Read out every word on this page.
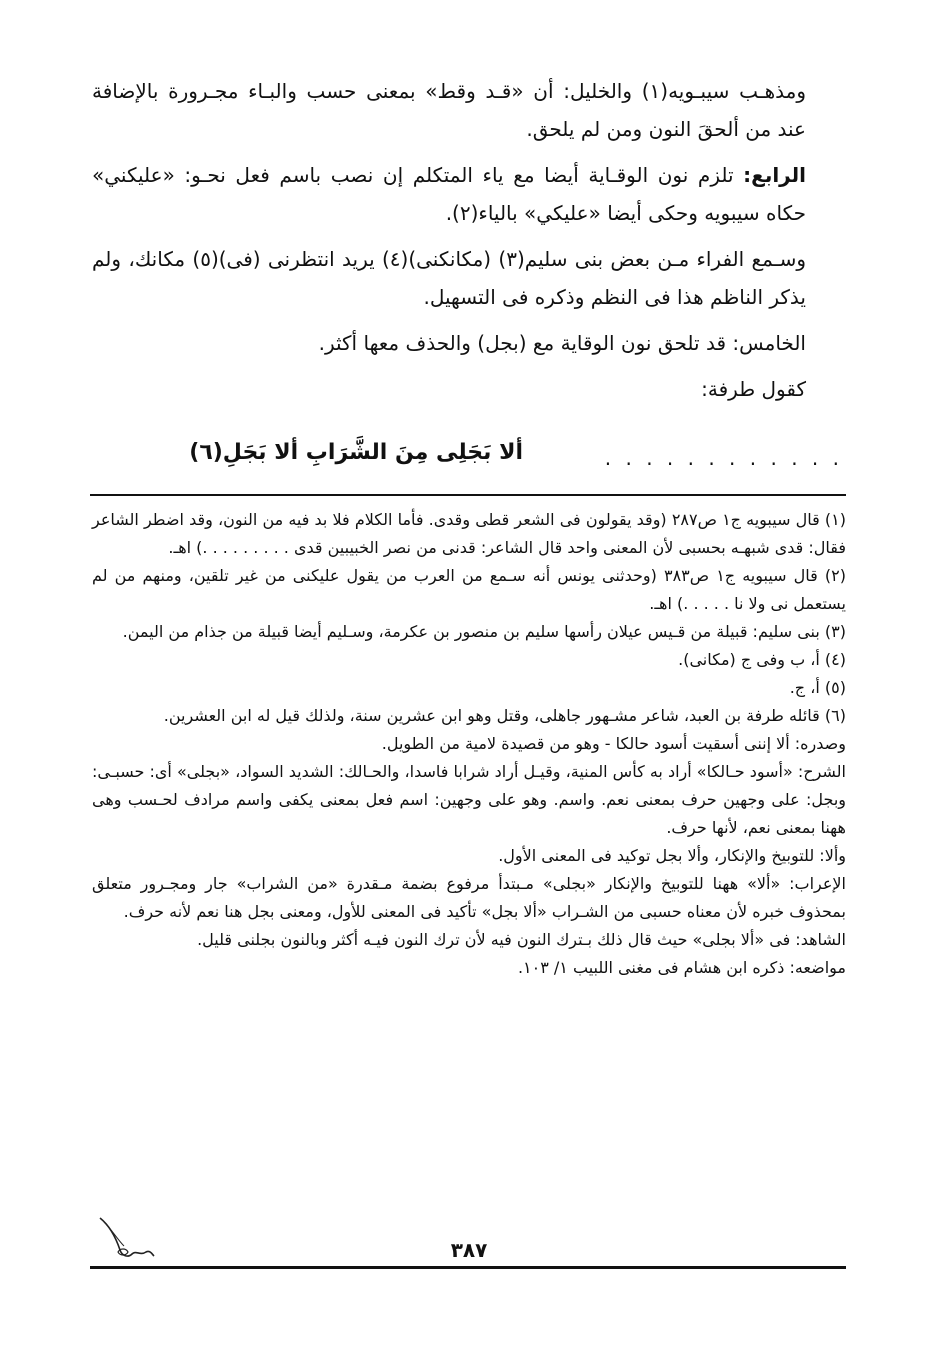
ومذهـب سيبـويه(١) والخليل: أن «قـد وقط» بمعنى حسب والبـاء مجـرورة بالإضافة عند من ألحقَ النون ومن لم يلحق.

الرابع: تلزم نون الوقـاية أيضا مع ياء المتكلم إن نصب باسم فعل نحـو: «عليكني» حكاه سيبويه وحكى أيضا «عليكي» بالياء(٢).

وسـمع الفراء مـن بعض بنى سليم(٣) (مكانكنى)(٤) يريد انتظرنى (فى)(٥) مكانك، ولم يذكر الناظم هذا فى النظم وذكره فى التسهيل.

الخامس: قد تلحق نون الوقاية مع (بجل) والحذف معها أكثر.

كقول طرفة:

. . . . . . . . . . . .
ألا بَجَلِى مِنَ الشَّرَابِ ألا بَجَلِ(٦)

(١) قال سيبويه ج١ ص٢٨٧ (وقد يقولون فى الشعر قطى وقدى. فأما الكلام فلا بد فيه من النون، وقد اضطر الشاعر فقال: قدى شبهـه بحسبى لأن المعنى واحد قال الشاعر: قدنى من نصر الخبيبين قدى . . . . . . . . .) اهـ.

(٢) قال سيبويه ج١ ص٣٨٣ (وحدثنى يونس أنه سـمع من العرب من يقول عليكنى من غير تلقين، ومنهم من لم يستعمل نى ولا نا . . . . .) اهـ.

(٣) بنى سليم: قبيلة من قـيس عيلان رأسها سليم بن منصور بن عكرمة، وسـليم أيضا قبيلة من جذام من اليمن.

(٤) أ، ب وفى ج (مكانى).

(٥) أ، ج.

(٦) قائله طرفة بن العبد، شاعر مشـهور جاهلى، وقتل وهو ابن عشرين سنة، ولذلك قيل له ابن العشرين.

وصدره: ألا إننى أسقيت أسود حالكا - وهو من قصيدة لامية من الطويل.

الشرح: «أسود حـالكا» أراد به كأس المنية، وقيـل أراد شرابا فاسدا، والحـالك: الشديد السواد، «بجلى» أى: حسبـى: وبجل: على وجهين حرف بمعنى نعم. واسم. وهو على وجهين: اسم فعل بمعنى يكفى واسم مرادف لحـسب وهى ههنا بمعنى نعم، لأنها حرف.

وألا: للتوبيخ والإنكار، وألا بجل توكيد فى المعنى الأول.

الإعراب: «ألا» ههنا للتوبيخ والإنكار «بجلى» مـبتدأ مرفوع بضمة مـقدرة «من الشراب» جار ومجـرور متعلق بمحذوف خبره لأن معناه حسبى من الشـراب «ألا بجل» تأكيد فى المعنى للأول، ومعنى بجل هنا نعم لأنه حرف.

الشاهد: فى «ألا بجلى» حيث قال ذلك بـترك النون فيه لأن ترك النون فيـه أكثر وبالنون بجلنى قليل.

مواضعه: ذكره ابن هشام فى مغنى اللبيب ١/ ١٠٣.

٣٨٧
